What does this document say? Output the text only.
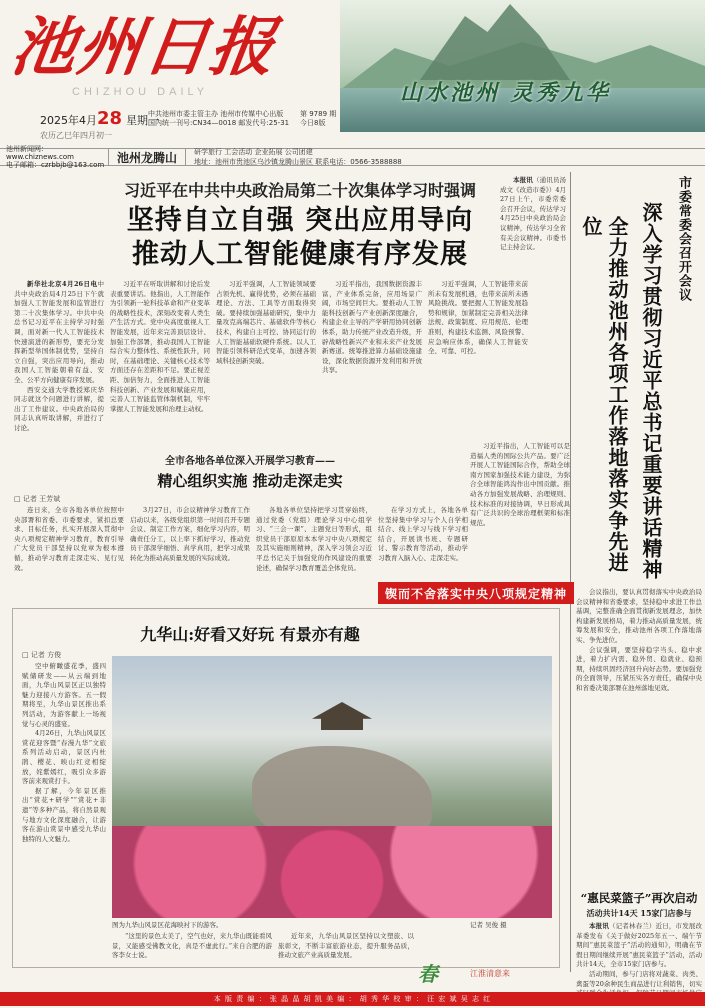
池州日报
CHIZHOU DAILY	山水池州 灵秀九华
2025年4月28 星期一
农历乙巳年四月初一
中共池州市委主管主办 池州市传媒中心出版
国内统一刊号:CN34—0018 邮发代号:25-31
第 9789 期
今日8版
池州新闻网：www.chiznews.com
电子邮箱：czrbbjb@163.com
池州龙腾山	研学旅行 工会活动 企业拓展 公司团建
地址：池州市贵池区乌沙镇龙腾山景区 联系电话：0566-3588888
习近平在中共中央政治局第二十次集体学习时强调
坚持自立自强 突出应用导向
推动人工智能健康有序发展

新华社北京4月26日电中共中央政治局4月25日下午就加强人工智能发展和监管进行第二十次集体学习。中共中央总书记习近平在主持学习时强调，面对新一代人工智能技术快速演进的新形势，要充分发挥新型举国体制优势，坚持自立自强，突出应用导向，推动我国人工智能朝着有益、安全、公平方向健康有序发展。

西安交通大学教授郑庆华同志就这个问题进行讲解，提出了工作建议。中央政治局的同志认真听取讲解，并进行了讨论。

习近平在听取讲解和讨论后发表重要讲话。他指出，人工智能作为引领新一轮科技革命和产业变革的战略性技术，深刻改变着人类生产生活方式。党中央高度重视人工智能发展，近年来完善顶层设计、加强工作部署，推动我国人工智能综合实力整体性、系统性跃升，同时，在基础理论、关键核心技术等方面还存在差距和不足。要正视差距、加倍努力，全面推进人工智能科技创新、产业发展和赋能应用，完善人工智能监管体制机制，牢牢掌握人工智能发展和治理主动权。

习近平强调，人工智能领域要占领先机、赢得优势，必须在基础理论、方法、工具等方面取得突破。要持续加强基础研究，集中力量攻克高端芯片、基础软件等核心技术，构建自主可控、协同运行的人工智能基础软硬件系统。以人工智能引领科研范式变革，加速各领域科技创新突破。

习近平指出，我国数据资源丰富，产业体系完备，应用场景广阔，市场空间巨大。要推动人工智能科技创新与产业创新深度融合，构建企业主导的产学研用协同创新体系，助力传统产业改造升级，开辟战略性新兴产业和未来产业发展新赛道。统筹推进算力基础设施建设，深化数据资源开发利用和开放共享。

习近平强调，人工智能带来前所未有发展机遇，也带来前所未遇风险挑战。要把握人工智能发展趋势和规律，加紧制定完善相关法律法规、政策制度、应用规范、伦理准则，构建技术监测、风险预警、应急响应体系，确保人工智能安全、可靠、可控。

习近平指出，人工智能可以是造福人类的国际公共产品。要广泛开展人工智能国际合作，帮助全球南方国家加强技术能力建设，为弥合全球智能鸿沟作出中国贡献。推动各方加强发展战略、治理规则、技术标准的对接协调，早日形成具有广泛共识的全球治理框架和标准规范。

市委常委会召开会议
深入学习贯彻习近平总书记重要讲话精神
全力推动池州各项工作落地落实争先进位

本报讯（通讯员汤成文《改造市委》）4月27日上午，市委常委会召开会议，传达学习4月25日中央政治局会议精神，传达学习全省有关会议精神。市委书记主持会议。

会议指出，要认真贯彻落实中央政治局会议精神和省委要求，坚持稳中求进工作总基调，完整准确全面贯彻新发展理念，加快构建新发展格局，着力推动高质量发展，统筹发展和安全，推动池州各项工作落地落实、争先进位。

会议强调，要坚持稳字当头、稳中求进，着力扩内需、稳外贸、稳就业、稳预期，持续巩固经济回升向好态势。要加强党的全面领导，压紧压实各方责任，确保中央和省委决策部署在池州落地见效。

全市各地各单位深入开展学习教育——
精心组织实施 推动走深走实
□ 记者 王芳斌

连日来，全市各地各单位按照中央部署和省委、市委要求，紧扣总要求、目标任务，扎实开展深入贯彻中央八项规定精神学习教育，教育引导广大党员干部坚持以党章为根本遵循，推动学习教育走深走实、见行见效。

3月27日，市会议精神学习教育工作启动以来，各级党组织第一时间召开专题会议、制定工作方案，细化学习内容，明确责任分工，以上率下抓好学习，推动党员干部深学细悟、真学真用，把学习成果转化为推动高质量发展的实际成效。

各地各单位坚持把学习贯穿始终，通过党委（党组）理论学习中心组学习、“三会一课”、主题党日等形式，组织党员干部原原本本学习中央八项规定及其实施细则精神，深入学习领会习近平总书记关于加强党的作风建设的重要论述，确保学习教育覆盖全体党员。

在学习方式上，各地各单位坚持集中学习与个人自学相结合、线上学习与线下学习相结合，开展读书班、专题研讨、警示教育等活动，推动学习教育入脑入心、走深走实。

锲而不舍落实中央八项规定精神
九华山:好看又好玩 有景亦有趣
□ 记者 方俊

空中俯瞰盛花季，盛四赋储研发——从云端到地面，九华山风景区正以独特魅力迎接八方游客。五一假期将至，九华山景区推出系列活动，为游客献上一场视觉与心灵的盛宴。

4月26日，九华山风景区赏花迎客暨“春漫九华”文旅系列活动启动，景区内杜鹃、樱花、映山红竞相绽放，姹紫嫣红，吸引众多游客前来观赏打卡。

据了解，今年景区推出“赏花+研学”“赏花+非遗”等多种产品，将自然景观与地方文化深度融合，让游客在游山赏景中感受九华山独特的人文魅力。

图为九华山风景区花海映衬下的游客。	记者 吴俊 摄

“这里的景色太美了，空气也好，来九华山既能看风景，又能感受佛教文化，真是不虚此行。”来自合肥的游客李女士说。

近年来，九华山风景区坚持以文塑旅、以旅彰文，不断丰富旅游业态，提升服务品质，推动文旅产业高质量发展。

春	江淮清意来
“惠民菜篮子”再次启动
活动共计14天 15家门店参与

本报讯（记者林春兰）近日，市发展改革委发布《关于做好2025年五一、端午节期间“惠民菜篮子”活动的通知》，明确在节假日期间继续开展“惠民菜篮子”活动，活动共计14天，全市15家门店参与。

活动期间，参与门店将对蔬菜、肉类、禽蛋等20余种民生商品进行让利销售，切实

本 版 责 编 ： 张 晶 晶 胡 凯 美 编 ： 胡 秀 华 校 审 ： 汪 宏 斌 吴 志 红
